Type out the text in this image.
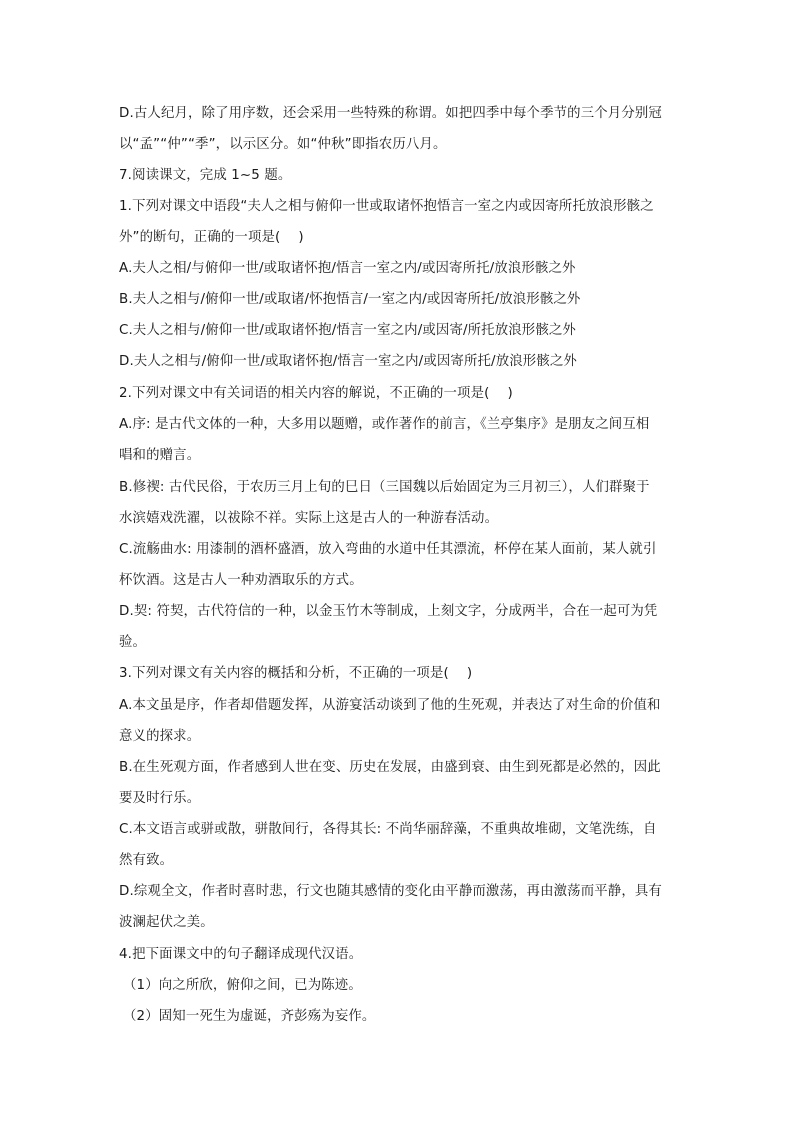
D.古人纪月，除了用序数，还会采用一些特殊的称谓。如把四季中每个季节的三个月分别冠
以“孟”“仲”“季”，以示区分。如“仲秋”即指农历八月。
7.阅读课文，完成 1~5 题。
1.下列对课文中语段“夫人之相与俯仰一世或取诸怀抱悟言一室之内或因寄所托放浪形骸之
外”的断句，正确的一项是(　 )
A.夫人之相/与俯仰一世/或取诸怀抱/悟言一室之内/或因寄所托/放浪形骸之外
B.夫人之相与/俯仰一世/或取诸/怀抱悟言/一室之内/或因寄所托/放浪形骸之外
C.夫人之相与/俯仰一世/或取诸怀抱/悟言一室之内/或因寄/所托放浪形骸之外
D.夫人之相与/俯仰一世/或取诸怀抱/悟言一室之内/或因寄所托/放浪形骸之外
2.下列对课文中有关词语的相关内容的解说，不正确的一项是(　 )
A.序: 是古代文体的一种，大多用以题赠，或作著作的前言，《兰亭集序》是朋友之间互相
唱和的赠言。
B.修禊: 古代民俗，于农历三月上旬的巳日（三国魏以后始固定为三月初三），人们群聚于
水滨嬉戏洗濯，以祓除不祥。实际上这是古人的一种游春活动。
C.流觞曲水: 用漆制的酒杯盛酒，放入弯曲的水道中任其漂流，杯停在某人面前，某人就引
杯饮酒。这是古人一种劝酒取乐的方式。
D.契: 符契，古代符信的一种，以金玉竹木等制成，上刻文字，分成两半，合在一起可为凭
验。
3.下列对课文有关内容的概括和分析，不正确的一项是(　 )
A.本文虽是序，作者却借题发挥，从游宴活动谈到了他的生死观，并表达了对生命的价值和
意义的探求。
B.在生死观方面，作者感到人世在变、历史在发展，由盛到衰、由生到死都是必然的，因此
要及时行乐。
C.本文语言或骈或散，骈散间行，各得其长: 不尚华丽辞藻，不重典故堆砌，文笔洗练，自
然有致。
D.综观全文，作者时喜时悲，行文也随其感情的变化由平静而激荡，再由激荡而平静，具有
波澜起伏之美。
4.把下面课文中的句子翻译成现代汉语。
（1）向之所欣，俯仰之间，已为陈迹。
（2）固知一死生为虚诞，齐彭殇为妄作。
